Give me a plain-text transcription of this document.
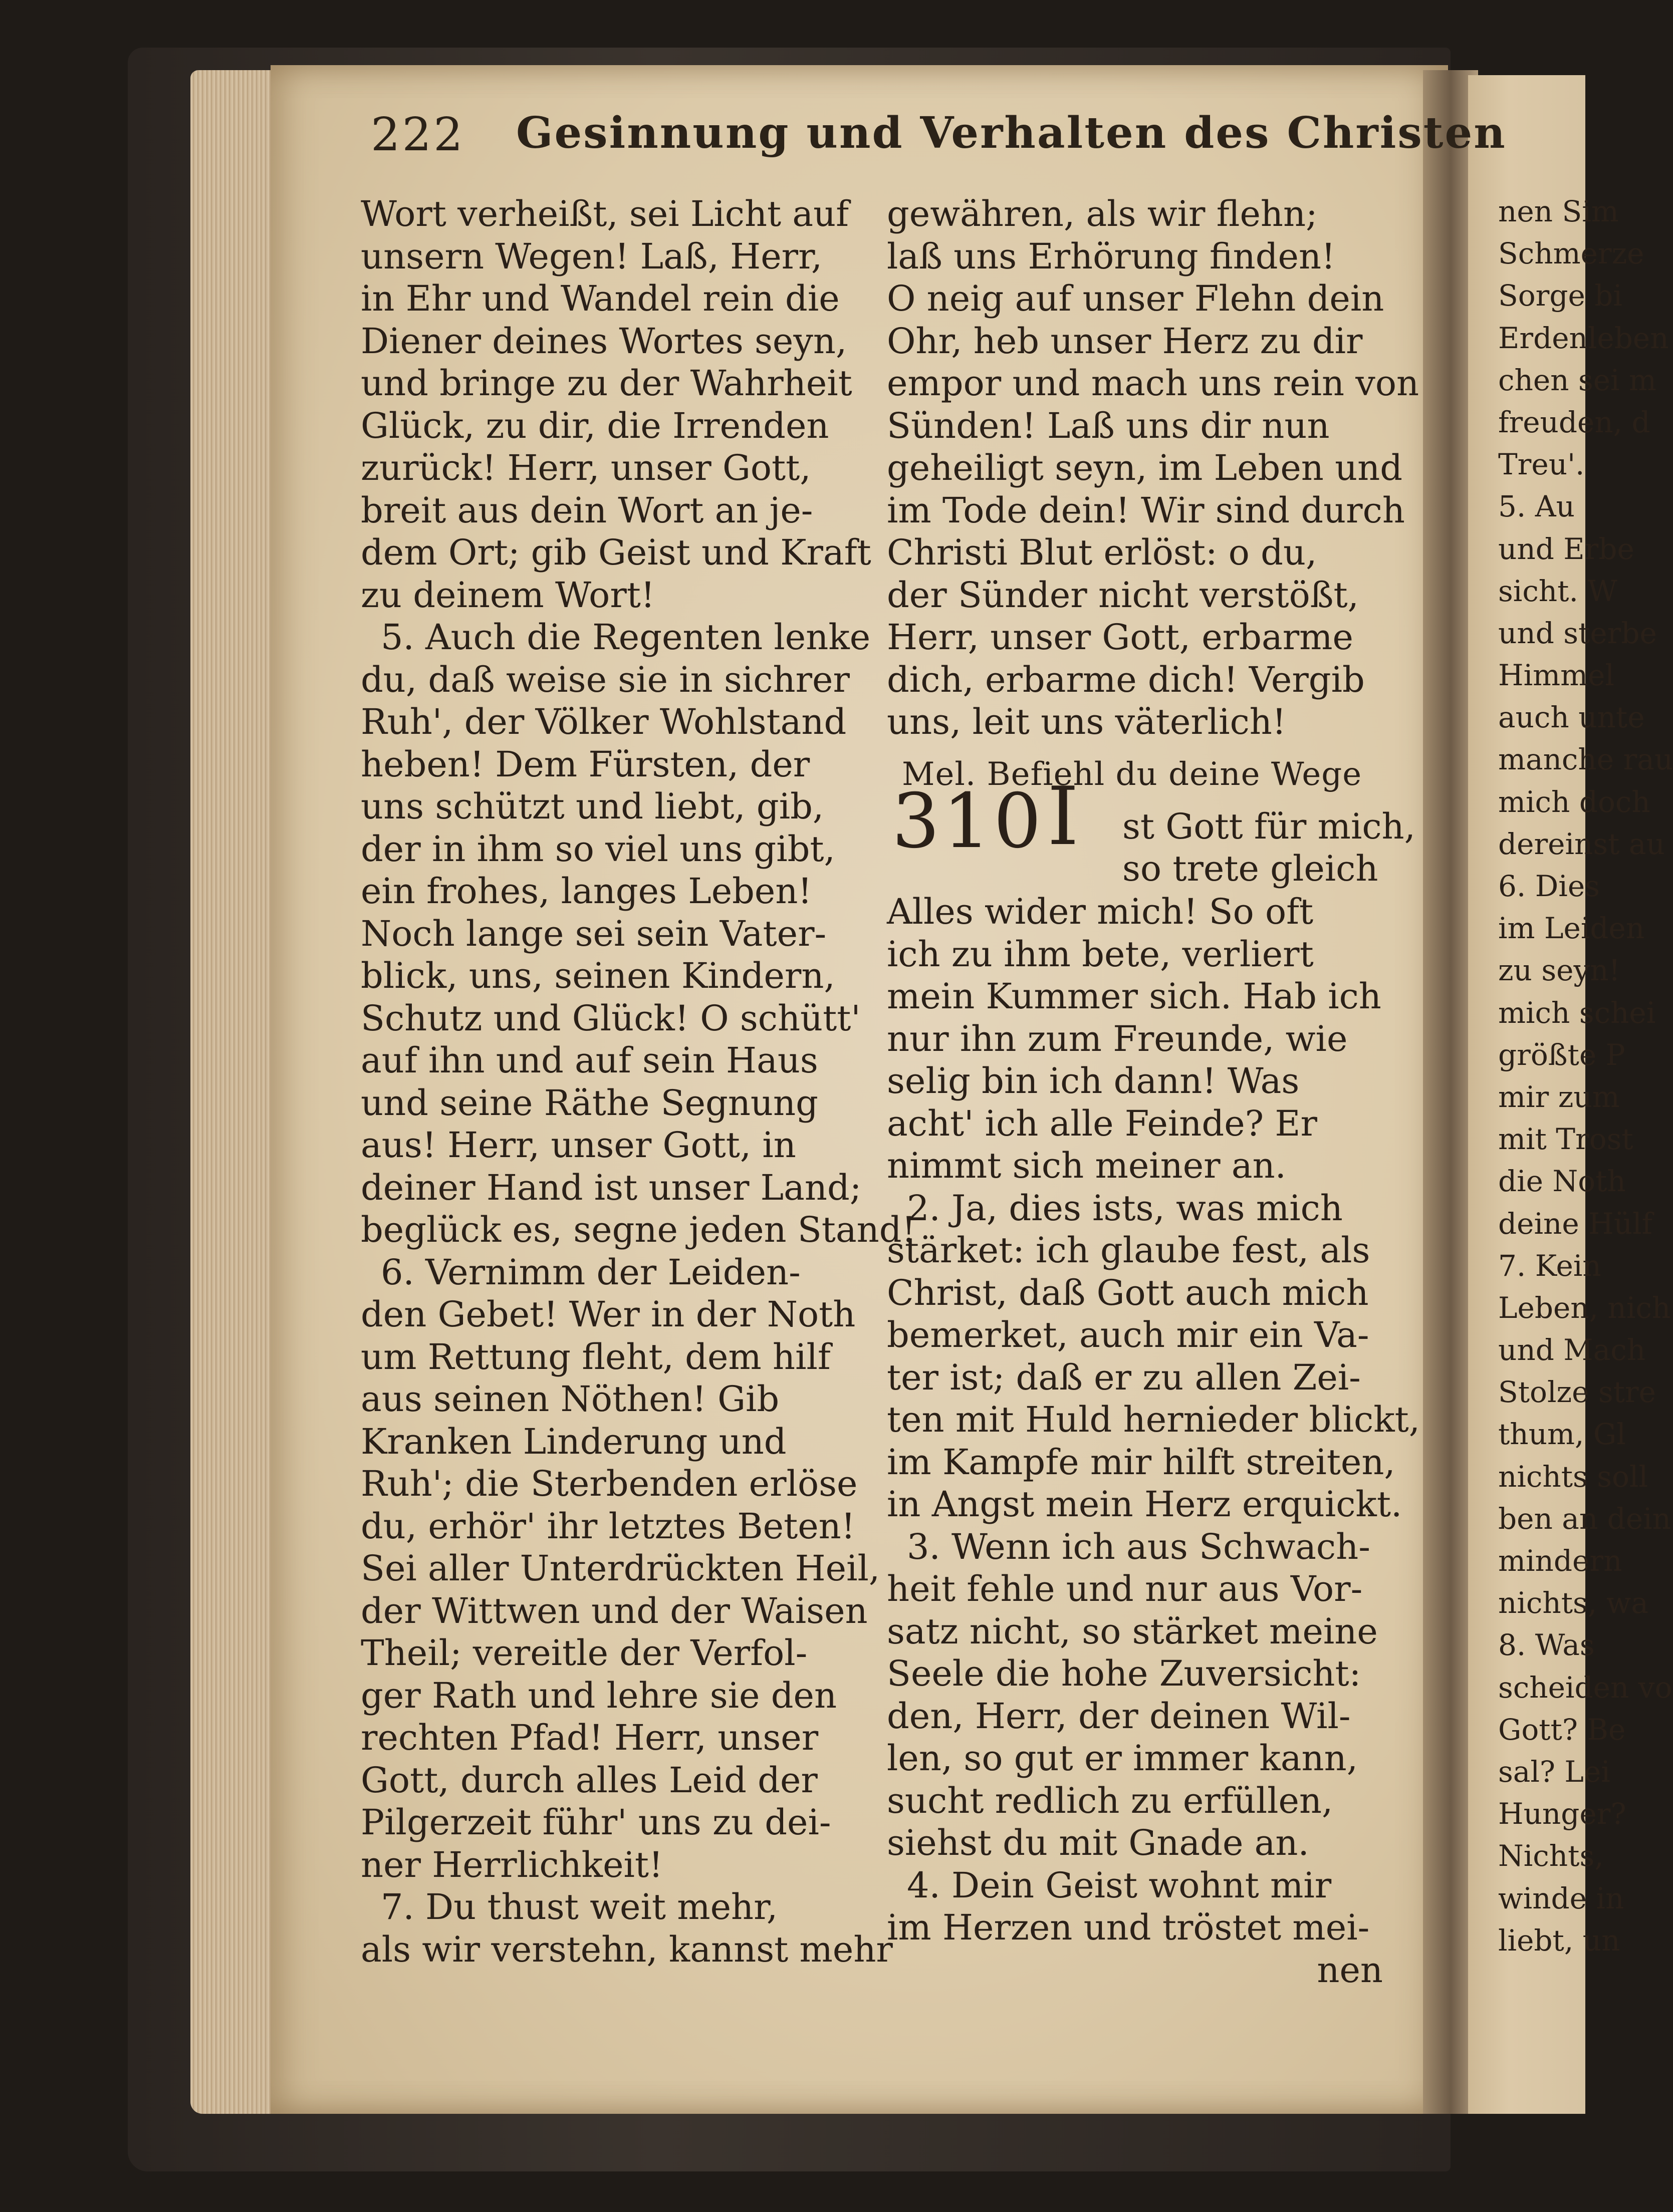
222 Gesinnung und Verhalten des Christen
Wort verheißt, sei Licht auf
unsern Wegen! Laß, Herr,
in Ehr und Wandel rein die
Diener deines Wortes seyn,
und bringe zu der Wahrheit
Glück, zu dir, die Irrenden
zurück! Herr, unser Gott,
breit aus dein Wort an je-
dem Ort; gib Geist und Kraft
zu deinem Wort!
5. Auch die Regenten lenke
du, daß weise sie in sichrer
Ruh', der Völker Wohlstand
heben! Dem Fürsten, der
uns schützt und liebt, gib,
der in ihm so viel uns gibt,
ein frohes, langes Leben!
Noch lange sei sein Vater-
blick, uns, seinen Kindern,
Schutz und Glück! O schütt'
auf ihn und auf sein Haus
und seine Räthe Segnung
aus! Herr, unser Gott, in
deiner Hand ist unser Land;
beglück es, segne jeden Stand!
6. Vernimm der Leiden-
den Gebet! Wer in der Noth
um Rettung fleht, dem hilf
aus seinen Nöthen! Gib
Kranken Linderung und
Ruh'; die Sterbenden erlöse
du, erhör' ihr letztes Beten!
Sei aller Unterdrückten Heil,
der Wittwen und der Waisen
Theil; vereitle der Verfol-
ger Rath und lehre sie den
rechten Pfad! Herr, unser
Gott, durch alles Leid der
Pilgerzeit führ' uns zu dei-
ner Herrlichkeit!
7. Du thust weit mehr,
als wir verstehn, kannst mehr
gewähren, als wir flehn;
laß uns Erhörung finden!
O neig auf unser Flehn dein
Ohr, heb unser Herz zu dir
empor und mach uns rein von
Sünden! Laß uns dir nun
geheiligt seyn, im Leben und
im Tode dein! Wir sind durch
Christi Blut erlöst: o du,
der Sünder nicht verstößt,
Herr, unser Gott, erbarme
dich, erbarme dich! Vergib
uns, leit uns väterlich!
Mel. Befiehl du deine Wege
310 I st Gott für mich,
so trete gleich
Alles wider mich! So oft
ich zu ihm bete, verliert
mein Kummer sich. Hab ich
nur ihn zum Freunde, wie
selig bin ich dann! Was
acht' ich alle Feinde? Er
nimmt sich meiner an.
2. Ja, dies ists, was mich
stärket: ich glaube fest, als
Christ, daß Gott auch mich
bemerket, auch mir ein Va-
ter ist; daß er zu allen Zei-
ten mit Huld hernieder blickt,
im Kampfe mir hilft streiten,
in Angst mein Herz erquickt.
3. Wenn ich aus Schwach-
heit fehle und nur aus Vor-
satz nicht, so stärket meine
Seele die hohe Zuversicht:
den, Herr, der deinen Wil-
len, so gut er immer kann,
sucht redlich zu erfüllen,
siehst du mit Gnade an.
4. Dein Geist wohnt mir
im Herzen und tröstet mei-
nen
nen Sim
Schmerze
Sorge bi
Erdenleben
chen sei m
freuden, d
Treu'.
5. Au
und Erbe
sicht. W
und sterbe
Himmel
auch unte
manche rau
mich doch
dereinst au
6. Dies
im Leiden
zu seyn!
mich schei
größte P
mir zum
mit Trost
die Noth
deine Hülf
7. Kein
Leben, nich
und Mach
Stolze stre
thum, Gl
nichts soll
ben an dein
mindern
nichts, wa
8. Was
scheiden vo
Gott? Be
sal? Lei
Hunger?
Nichts,
winde in
liebt, un
